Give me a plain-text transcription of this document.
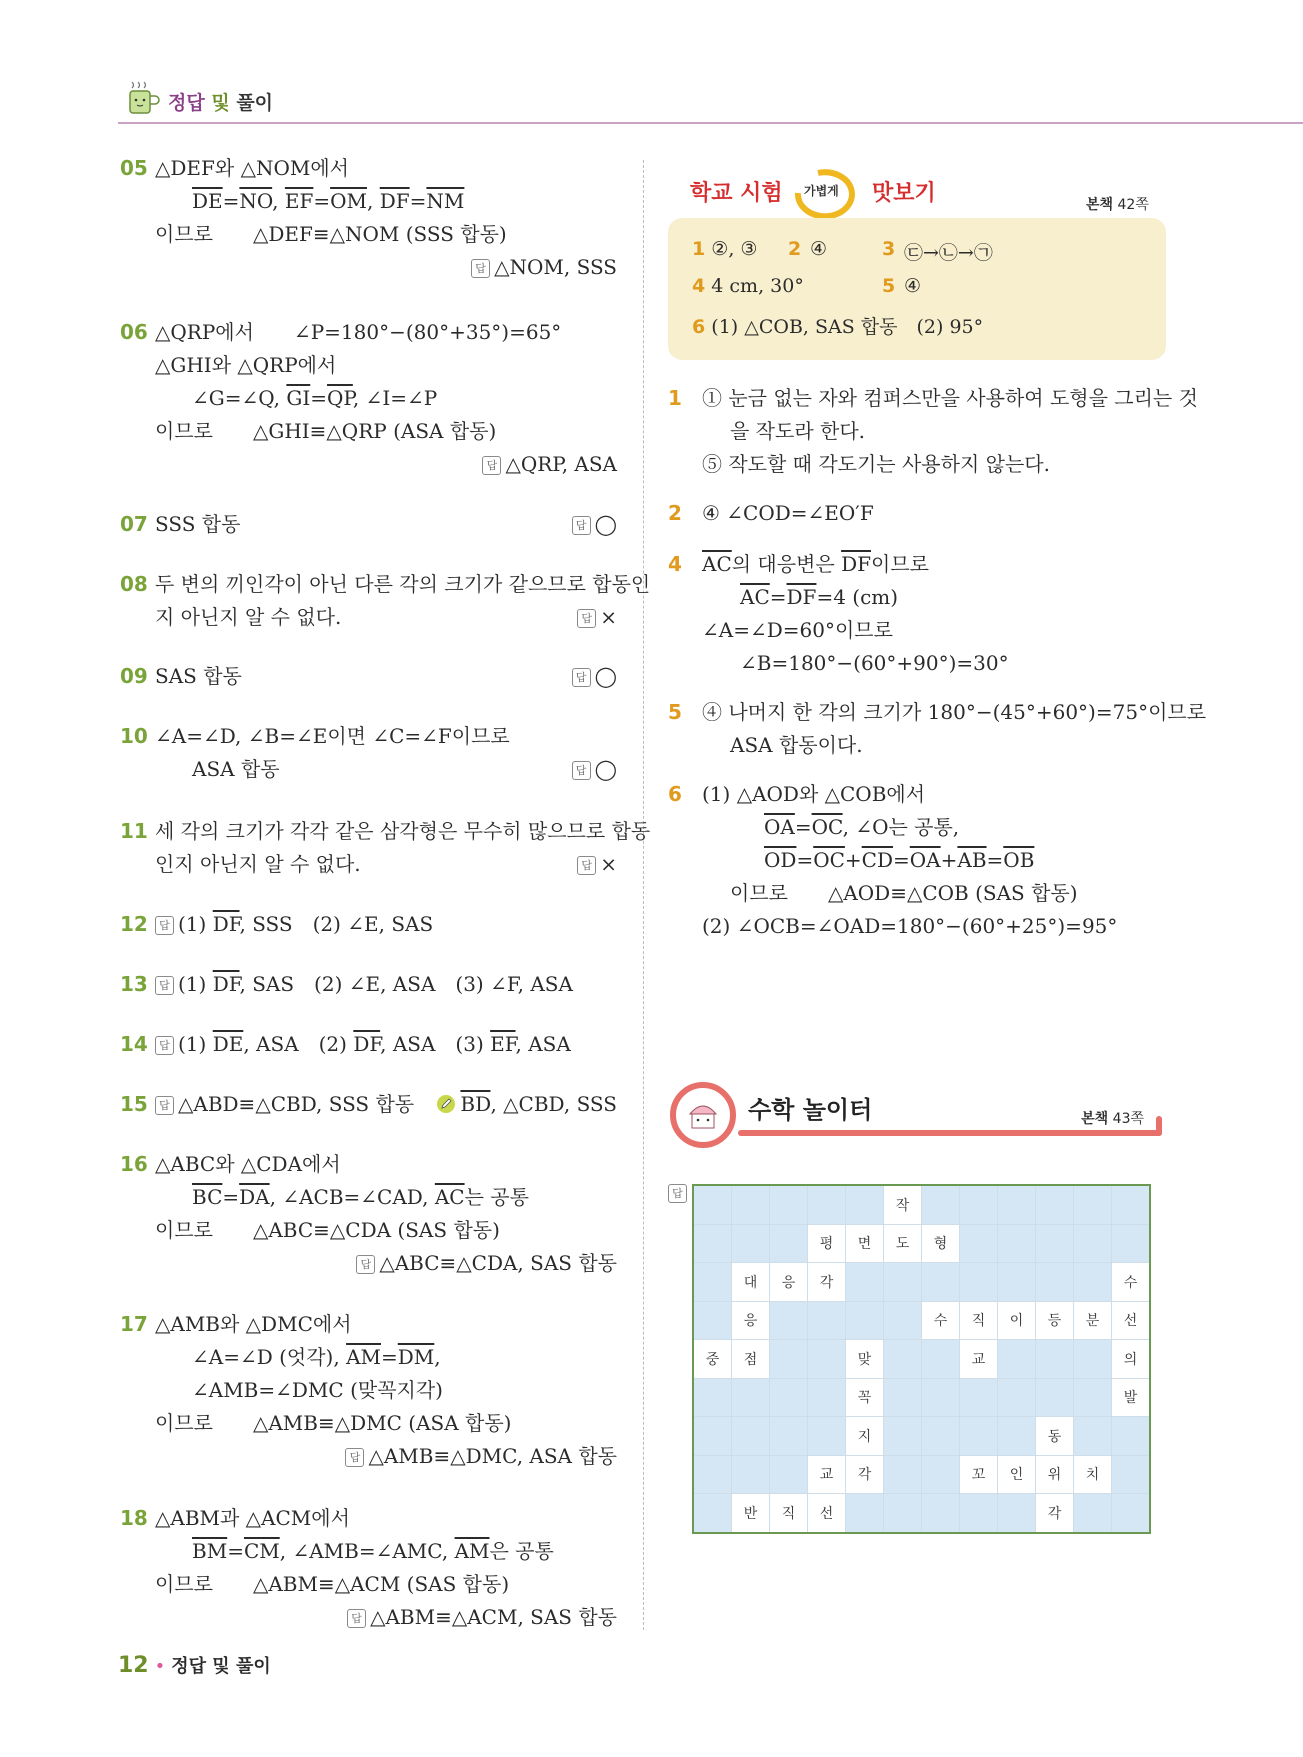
정답 및 풀이
05 △DEF와 △NOM에서
$\overline{DE}=\overline{NO}$, $\overline{EF}=\overline{OM}$, $\overline{DF}=\overline{NM}$
이므로　　△DEF≡△NOM (SSS 합동)
답 △NOM, SSS
06 △QRP에서　　∠P=180°−(80°+35°)=65°
△GHI와 △QRP에서
∠G=∠Q, $\overline{GI}=\overline{QP}$, ∠I=∠P
이므로　　△GHI≡△QRP (ASA 합동)
답 △QRP, ASA
07 SSS 합동	답 ◯
08 두 변의 끼인각이 아닌 다른 각의 크기가 같으므로 합동인
지 아닌지 알 수 없다.	답 ×
09 SAS 합동	답 ◯
10 ∠A=∠D, ∠B=∠E이면 ∠C=∠F이므로
ASA 합동	답 ◯
11 세 각의 크기가 각각 같은 삼각형은 무수히 많으므로 합동
인지 아닌지 알 수 없다.	답 ×
12	답 (1) $\overline{DF}$, SSS　(2) ∠E, SAS
13	답 (1) $\overline{DF}$, SAS　(2) ∠E, ASA　(3) ∠F, ASA
14	답 (1) $\overline{DE}$, ASA　(2) $\overline{DF}$, ASA　(3) $\overline{EF}$, ASA
15	답 △ABD≡△CBD, SSS 합동	$\overline{BD}$, △CBD, SSS
16 △ABC와 △CDA에서
$\overline{BC}=\overline{DA}$, ∠ACB=∠CAD, $\overline{AC}$는 공통
이므로　　△ABC≡△CDA (SAS 합동)
답 △ABC≡△CDA, SAS 합동
17 △AMB와 △DMC에서
∠A=∠D (엇각), $\overline{AM}=\overline{DM}$,
∠AMB=∠DMC (맞꼭지각)
이므로　　△AMB≡△DMC (ASA 합동)
답 △AMB≡△DMC, ASA 합동
18 △ABM과 △ACM에서
$\overline{BM}=\overline{CM}$, ∠AMB=∠AMC, $\overline{AM}$은 공통
이므로　　△ABM≡△ACM (SAS 합동)
답 △ABM≡△ACM, SAS 합동
12 • 정답 및 풀이
학교 시험 가볍게 맛보기	본책 42쪽
1 ②, ③ 2 ④	3 ㉢→㉡→㉠
4 4 cm, 30°	5 ④
6 (1) △COB, SAS 합동　(2) 95°
1 ① 눈금 없는 자와 컴퍼스만을 사용하여 도형을 그리는 것
을 작도라 한다.
⑤ 작도할 때 각도기는 사용하지 않는다.
2 ④ ∠COD=∠EO′F
4 $\overline{AC}$의 대응변은 $\overline{DF}$이므로
$\overline{AC}=\overline{DF}=4$ (cm)
∠A=∠D=60°이므로
∠B=180°−(60°+90°)=30°
5 ④ 나머지 한 각의 크기가 180°−(45°+60°)=75°이므로
ASA 합동이다.
6 (1) △AOD와 △COB에서
$\overline{OA}=\overline{OC}$, ∠O는 공통,
$\overline{OD}=\overline{OC}+\overline{CD}=\overline{OA}+\overline{AB}=\overline{OB}$
이므로　　△AOD≡△COB (SAS 합동)
(2) ∠OCB=∠OAD=180°−(60°+25°)=95°
수학 놀이터	본책 43쪽
답
					작						
			평	면	도	형					
	대	응	각								수
	응					수	직	이	등	분	선
중	점			맞			교				의
				꼭							발
				지					동		
			교	각			꼬	인	위	치	
	반	직	선						각		
